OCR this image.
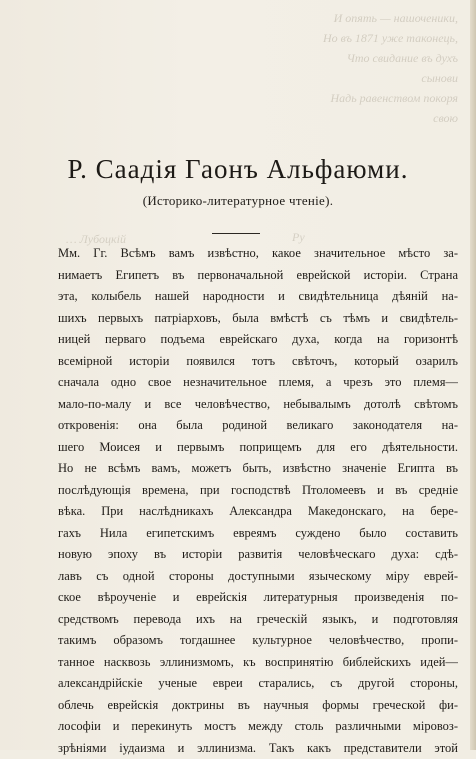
И опять — нашоченики,
Но въ 1871 уже таконець,
Что свидание въ духъ сынови
Надь равенством покоря свою
… Лубоцкій	Ру
Р. Саадія Гаонъ Альфаюми.
(Историко-литературное чтеніе).
Мм. Гг. Всѣмъ вамъ извѣстно, какое значительное мѣсто за-
нимаетъ Египетъ въ первоначальной еврейской исторіи. Страна
эта, колыбель нашей народности и свидѣтельница дѣяній на-
шихъ первыхъ патріарховъ, была вмѣстѣ съ тѣмъ и свидѣтель-
ницей перваго подъема еврейскаго духа, когда на горизонтѣ
всемірной исторіи появился тотъ свѣточъ, который озарилъ
сначала одно свое незначительное племя, а чрезъ это племя—
мало-по-малу и все человѣчество, небывалымъ дотолѣ свѣтомъ
откровенія: она была родиной великаго законодателя на-
шего Моисея и первымъ поприщемъ для его дѣятельности.
Но не всѣмъ вамъ, можетъ быть, извѣстно значеніе Египта въ
послѣдующія времена, при господствѣ Птоломеевъ и въ средніе
вѣка. При наслѣдникахъ Александра Македонскаго, на бере-
гахъ Нила египетскимъ евреямъ суждено было составить
новую эпоху въ исторіи развитія человѣческаго духа: сдѣ-
лавъ съ одной стороны доступными языческому міру еврей-
ское вѣроученіе и еврейскія литературныя произведенія по-
средствомъ перевода ихъ на греческій языкъ, и подготовляя
такимъ образомъ тогдашнее культурное человѣчество, пропи-
танное насквозь эллинизмомъ, къ воспринятію библейскихъ идей—
александрійскіе ученые евреи старались, съ другой стороны,
облечь еврейскія доктрины въ научныя формы греческой фи-
лософіи и перекинуть мостъ между столь различными міровоз-
зрѣніями іудаизма и эллинизма. Такъ какъ представители этой
